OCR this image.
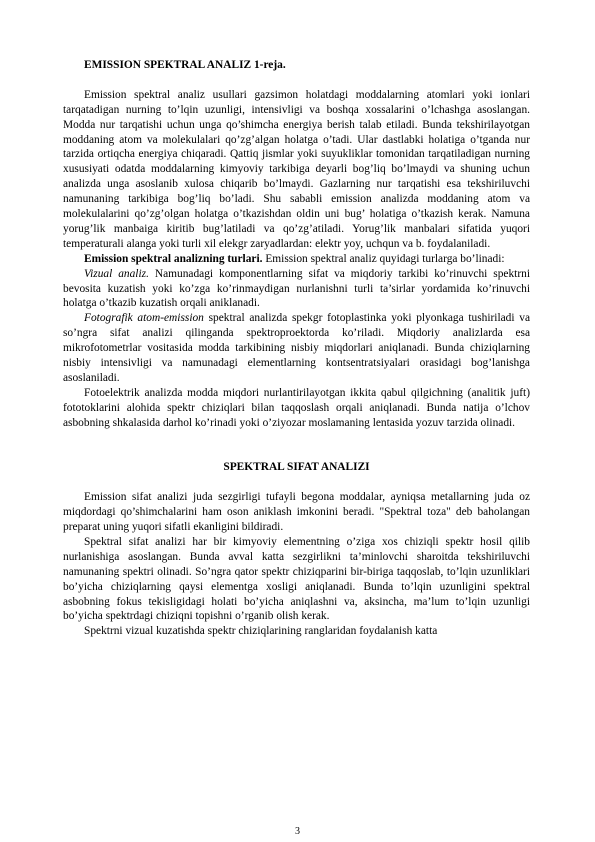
EMISSION SPEKTRAL ANALIZ 1-reja.

Emission spektral analiz usullari gazsimon holatdagi moddalarning atomlari yoki ionlari tarqatadigan nurning to’lqin uzunligi, intensivligi va boshqa xossalarini o’lchashga asoslangan. Modda nur tarqatishi uchun unga qo’shimcha energiya berish talab etiladi. Bunda tekshirilayotgan moddaning atom va molekulalari qo’zg’algan holatga o’tadi. Ular dastlabki holatiga o’tganda nur tarzida ortiqcha energiya chiqaradi. Qattiq jismlar yoki suyukliklar tomonidan tarqatiladigan nurning xususiyati odatda moddalarning kimyoviy tarkibiga deyarli bog’liq bo’lmaydi va shuning uchun analizda unga asoslanib xulosa chiqarib bo’lmaydi. Gazlarning nur tarqatishi esa tekshiriluvchi namunaning tarkibiga bog’liq bo’ladi. Shu sababli emission analizda moddaning atom va molekulalarini qo’zg’olgan holatga o’tkazishdan oldin uni bug’ holatiga o’tkazish kerak. Namuna yorug’lik manbaiga kiritib bug’latiladi va qo’zg’atiladi. Yorug’lik manbalari sifatida yuqori temperaturali alanga yoki turli xil elekgr zaryadlardan: elektr yoy, uchqun va b. foydalaniladi.

Emission spektral analizning turlari. Emission spektral analiz quyidagi turlarga bo’linadi:

Vizual analiz. Namunadagi komponentlarning sifat va miqdoriy tarkibi ko’rinuvchi spektrni bevosita kuzatish yoki ko’zga ko’rinmaydigan nurlanishni turli ta’sirlar yordamida ko’rinuvchi holatga o’tkazib kuzatish orqali aniklanadi.

Fotografik atom-emission spektral analizda spekgr fotoplastinka yoki plyonkaga tushiriladi va so’ngra sifat analizi qilinganda spektroproektorda ko’riladi. Miqdoriy analizlarda esa mikrofotometrlar vositasida modda tarkibining nisbiy miqdorlari aniqlanadi. Bunda chiziqlarning nisbiy intensivligi va namunadagi elementlarning kontsentratsiyalari orasidagi bog’lanishga asoslaniladi.

Fotoelektrik analizda modda miqdori nurlantirilayotgan ikkita qabul qilgichning (analitik juft) fototoklarini alohida spektr chiziqlari bilan taqqoslash orqali aniqlanadi. Bunda natija o’lchov asbobning shkalasida darhol ko’rinadi yoki o’ziyozar moslamaning lentasida yozuv tarzida olinadi.

SPEKTRAL SIFAT ANALIZI

Emission sifat analizi juda sezgirligi tufayli begona moddalar, ayniqsa metallarning juda oz miqdordagi qo’shimchalarini ham oson aniklash imkonini beradi. "Spektral toza" deb baholangan preparat uning yuqori sifatli ekanligini bildiradi.

Spektral sifat analizi har bir kimyoviy elementning o’ziga xos chiziqli spektr hosil qilib nurlanishiga asoslangan. Bunda avval katta sezgirlikni ta’minlovchi sharoitda tekshiriluvchi namunaning spektri olinadi. So’ngra qator spektr chiziqparini bir-biriga taqqoslab, to’lqin uzunliklari bo’yicha chiziqlarning qaysi elementga xosligi aniqlanadi. Bunda to’lqin uzunligini spektral asbobning fokus tekisligidagi holati bo’yicha aniqlashni va, aksincha, ma’lum to’lqin uzunligi bo’yicha spektrdagi chiziqni topishni o’rganib olish kerak.

Spektrni vizual kuzatishda spektr chiziqlarining ranglaridan foydalanish katta

3
